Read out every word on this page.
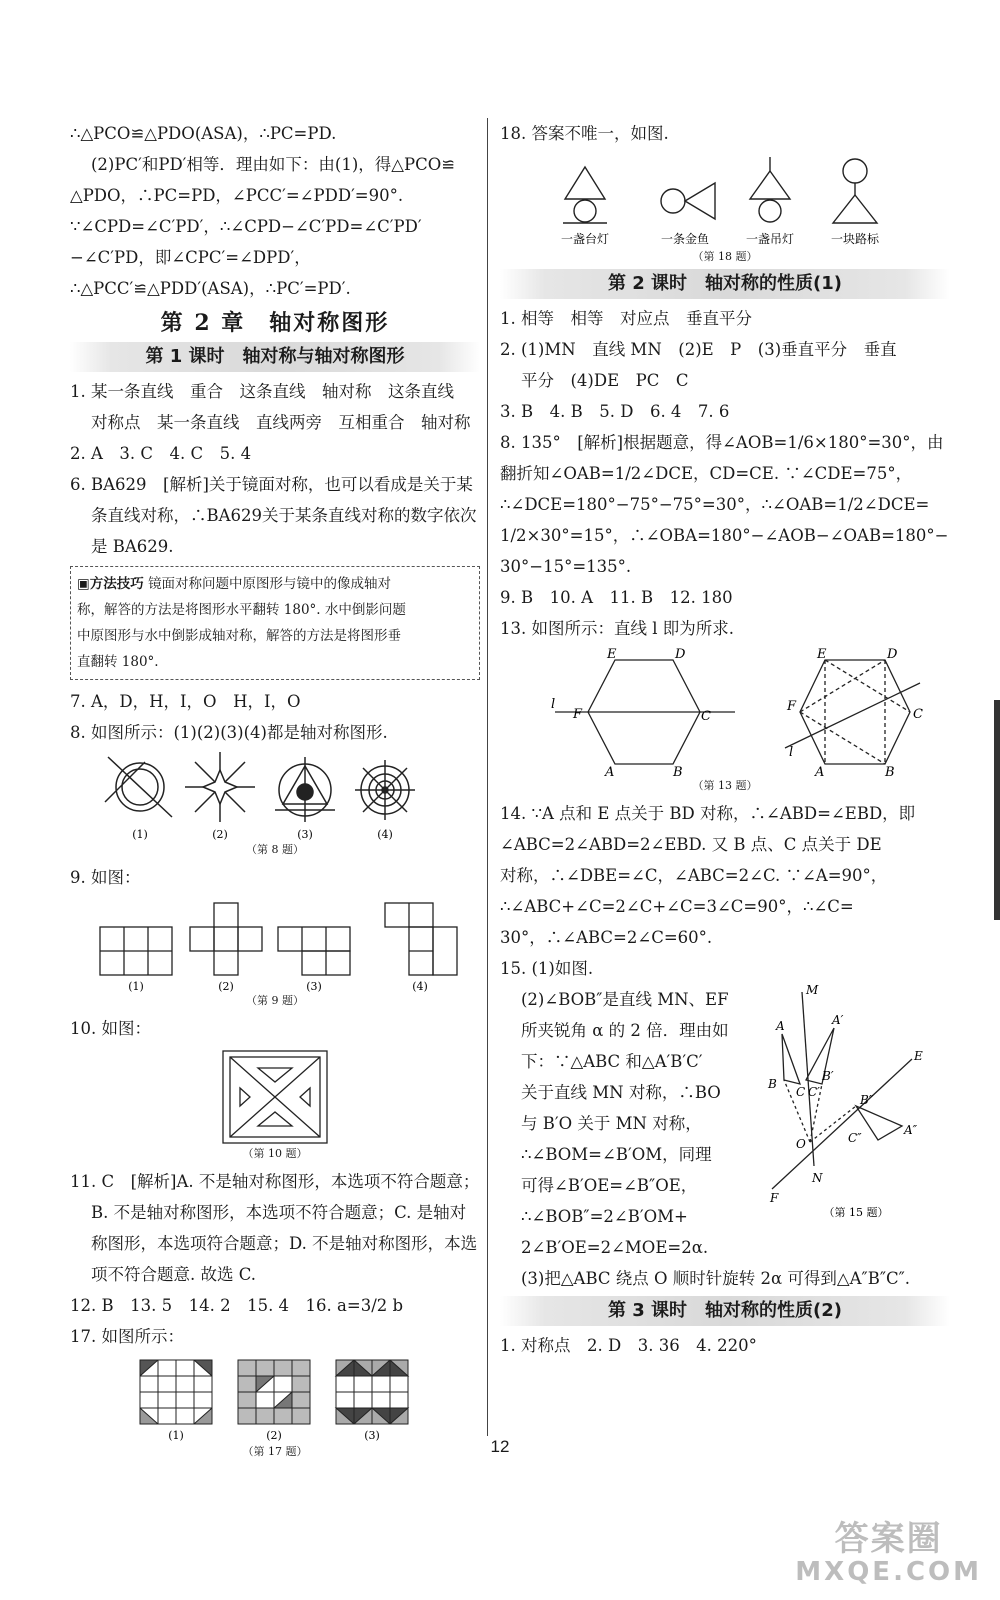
∴△PCO≌△PDO(ASA)，∴PC=PD.
(2)PC′和PD′相等．理由如下：由(1)，得△PCO≌
△PDO，∴PC=PD，∠PCC′=∠PDD′=90°.
∵∠CPD=∠C′PD′，∴∠CPD−∠C′PD=∠C′PD′
−∠C′PD，即∠CPC′=∠DPD′，
∴△PCC′≌△PDD′(ASA)，∴PC′=PD′.
第 2 章　轴对称图形
第 1 课时　轴对称与轴对称图形
1. 某一条直线　重合　这条直线　轴对称　这条直线
对称点　某一条直线　直线两旁　互相重合　轴对称
2. A　3. C　4. C　5. 4
6. BA629　[解析]关于镜面对称，也可以看成是关于某
条直线对称，∴BA629关于某条直线对称的数字依次
是 BA629.
▣方法技巧 镜面对称问题中原图形与镜中的像成轴对
称，解答的方法是将图形水平翻转 180°. 水中倒影问题
中原图形与水中倒影成轴对称，解答的方法是将图形垂
直翻转 180°.
7. A，D，H，I，O　H，I，O
8. 如图所示：(1)(2)(3)(4)都是轴对称图形.
(1)	(2)	(3)	(4)
（第 8 题）
9. 如图：
(1)	(2)	(3)	(4)
（第 9 题）
10. 如图：
（第 10 题）
11. C　[解析]A. 不是轴对称图形，本选项不符合题意；
B. 不是轴对称图形，本选项不符合题意；C. 是轴对
称图形，本选项符合题意；D. 不是轴对称图形，本选
项不符合题意. 故选 C.
12. B　13. 5　14. 2　15. 4　16. a=3/2 b
17. 如图所示：
(1)	(2)	(3)
（第 17 题）
18. 答案不唯一，如图.
一盏台灯	一条金鱼	一盏吊灯	一块路标
（第 18 题）
第 2 课时　轴对称的性质(1)
1. 相等　相等　对应点　垂直平分
2. (1)MN　直线 MN　(2)E　P　(3)垂直平分　垂直
平分　(4)DE　PC　C
3. B　4. B　5. D　6. 4　7. 6
8. 135°　[解析]根据题意，得∠AOB=1/6×180°=30°，由
翻折知∠OAB=1/2∠DCE，CD=CE. ∵∠CDE=75°，
∴∠DCE=180°−75°−75°=30°，∴∠OAB=1/2∠DCE=
1/2×30°=15°，∴∠OBA=180°−∠AOB−∠OAB=180°−
30°−15°=135°.
9. B　10. A　11. B　12. 180
13. 如图所示：直线 l 即为所求.
E	D
F	C
A	B
l
E	D
F
C
A	B
l
（第 13 题）
14. ∵A 点和 E 点关于 BD 对称，∴∠ABD=∠EBD，即
∠ABC=2∠ABD=2∠EBD. 又 B 点、C 点关于 DE
对称，∴∠DBE=∠C，∠ABC=2∠C. ∵∠A=90°，
∴∠ABC+∠C=2∠C+∠C=3∠C=90°，∴∠C=
30°，∴∠ABC=2∠C=60°.
15. (1)如图.
(2)∠BOB″是直线 MN、EF
所夹锐角 α 的 2 倍．理由如
下：∵△ABC 和△A′B′C′
关于直线 MN 对称，∴BO
与 B′O 关于 MN 对称，
∴∠BOM=∠B′OM，同理
可得∠B′OE=∠B″OE，
∴∠BOB″=2∠B′OM+
2∠B′OE=2∠MOE=2α.
M
A	A′
E
B
B′
C C′
B″
A″
C″
O
F
N
（第 15 题）
(3)把△ABC 绕点 O 顺时针旋转 2α 可得到△A″B″C″.
第 3 课时　轴对称的性质(2)
1. 对称点　2. D　3. 36　4. 220°
12
答案圈
MXQE.COM
